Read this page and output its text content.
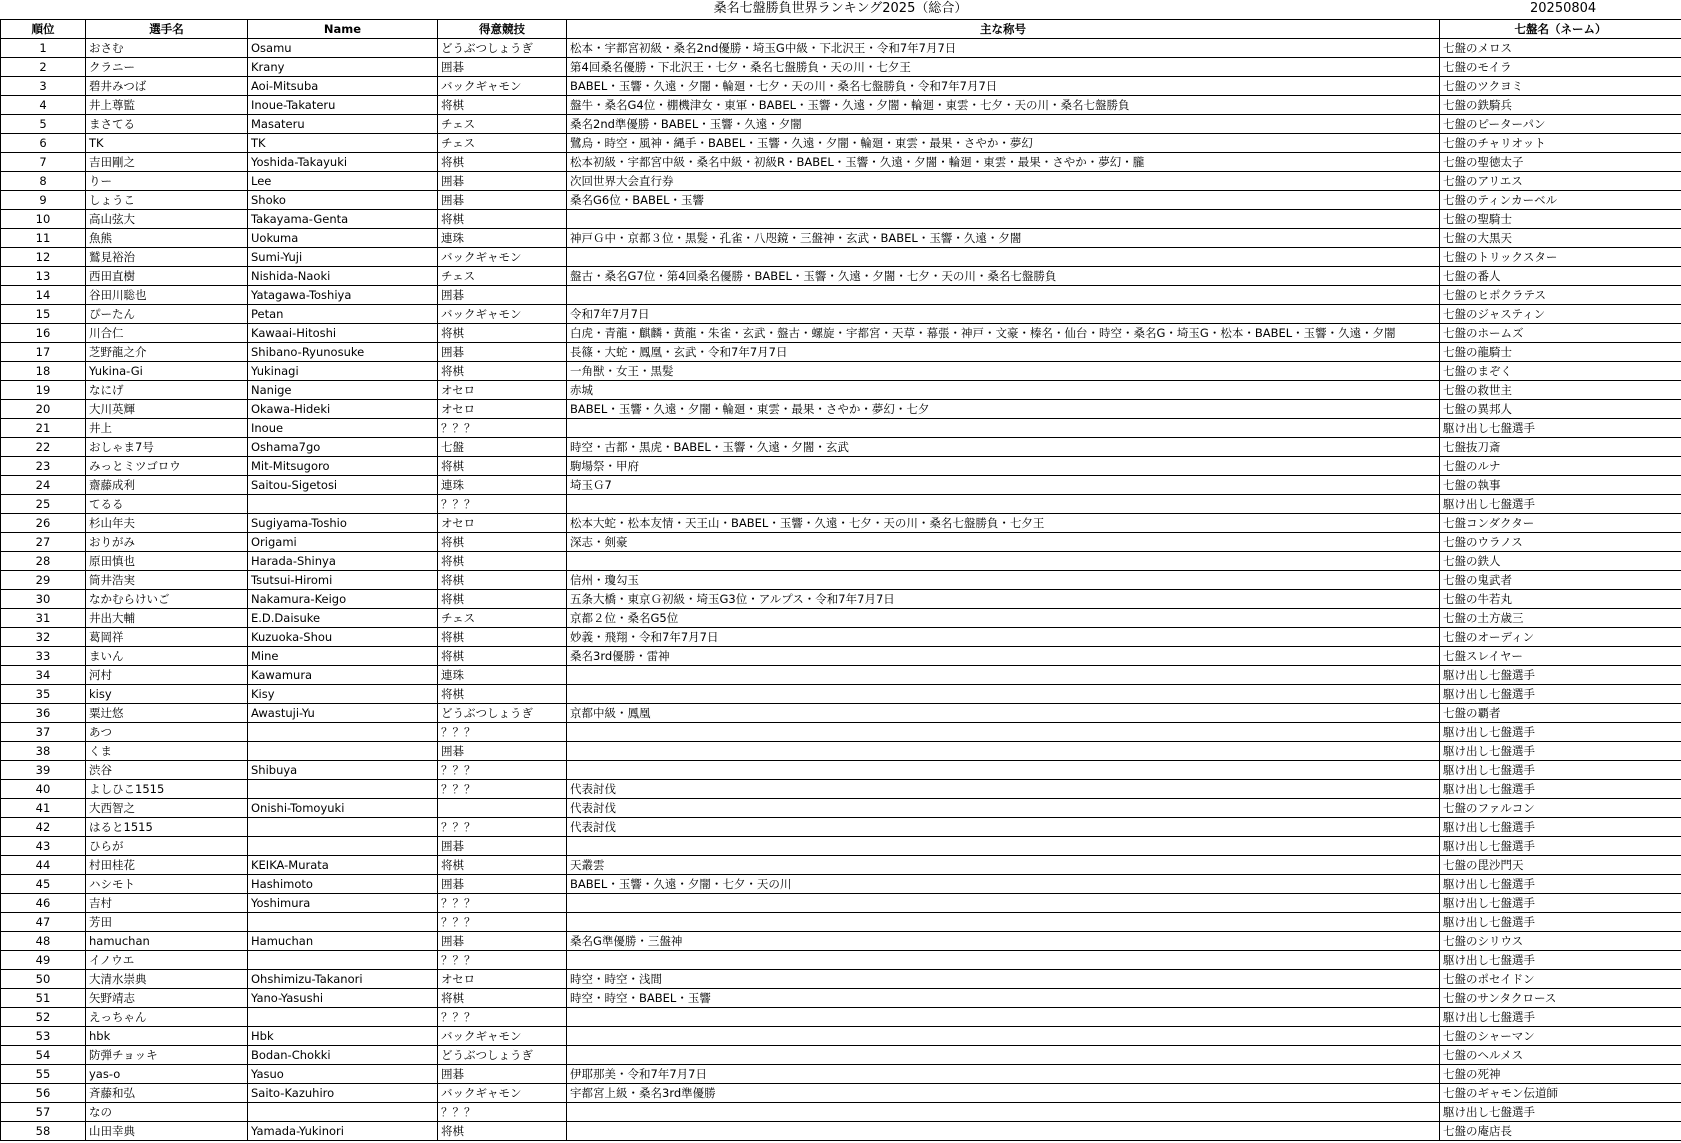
桑名七盤勝負世界ランキング2025（総合）	20250804
順位	選手名	Name	得意競技	主な称号	七盤名（ネーム）
1	おさむ	Osamu	どうぶつしょうぎ	松本・宇都宮初級・桑名2nd優勝・埼玉G中級・下北沢王・令和7年7月7日	七盤のメロス
2	クラニー	Krany	囲碁	第4回桑名優勝・下北沢王・七夕・桑名七盤勝負・天の川・七夕王	七盤のモイラ
3	碧井みつば	Aoi-Mitsuba	バックギャモン	BABEL・玉響・久遠・夕闇・輪廻・七夕・天の川・桑名七盤勝負・令和7年7月7日	七盤のツクヨミ
4	井上尊監	Inoue-Takateru	将棋	盤牛・桑名G4位・棚機津女・東軍・BABEL・玉響・久遠・夕闇・輪廻・東雲・七夕・天の川・桑名七盤勝負	七盤の鉄騎兵
5	まさてる	Masateru	チェス	桑名2nd準優勝・BABEL・玉響・久遠・夕闇	七盤のピーターパン
6	TK	TK	チェス	鷺烏・時空・風神・縄手・BABEL・玉響・久遠・夕闇・輪廻・東雲・最果・さやか・夢幻	七盤のチャリオット
7	吉田剛之	Yoshida-Takayuki	将棋	松本初級・宇都宮中級・桑名中級・初級R・BABEL・玉響・久遠・夕闇・輪廻・東雲・最果・さやか・夢幻・朧	七盤の聖徳太子
8	りー	Lee	囲碁	次回世界大会直行券	七盤のアリエス
9	しょうこ	Shoko	囲碁	桑名G6位・BABEL・玉響	七盤のティンカーベル
10	高山弦大	Takayama-Genta	将棋		七盤の聖騎士
11	魚熊	Uokuma	連珠	神戸Ｇ中・京都３位・黒髪・孔雀・八咫鏡・三盤神・玄武・BABEL・玉響・久遠・夕闇	七盤の大黒天
12	鷲見裕治	Sumi-Yuji	バックギャモン		七盤のトリックスター
13	西田直樹	Nishida-Naoki	チェス	盤古・桑名G7位・第4回桑名優勝・BABEL・玉響・久遠・夕闇・七夕・天の川・桑名七盤勝負	七盤の番人
14	谷田川聡也	Yatagawa-Toshiya	囲碁		七盤のヒポクラテス
15	ぴーたん	Petan	バックギャモン	令和7年7月7日	七盤のジャスティン
16	川合仁	Kawaai-Hitoshi	将棋	白虎・青龍・麒麟・黄龍・朱雀・玄武・盤古・螺旋・宇都宮・天草・幕張・神戸・文豪・榛名・仙台・時空・桑名G・埼玉G・松本・BABEL・玉響・久遠・夕闇	七盤のホームズ
17	芝野龍之介	Shibano-Ryunosuke	囲碁	長篠・大蛇・鳳凰・玄武・令和7年7月7日	七盤の龍騎士
18	Yukina-Gi	Yukinagi	将棋	一角獣・女王・黒髪	七盤のまぞく
19	なにげ	Nanige	オセロ	赤城	七盤の救世主
20	大川英輝	Okawa-Hideki	オセロ	BABEL・玉響・久遠・夕闇・輪廻・東雲・最果・さやか・夢幻・七夕	七盤の異邦人
21	井上	Inoue	？？？		駆け出し七盤選手
22	おしゃま7号	Oshama7go	七盤	時空・古都・黒虎・BABEL・玉響・久遠・夕闇・玄武	七盤抜刀斎
23	みっとミツゴロウ	Mit-Mitsugoro	将棋	駒場祭・甲府	七盤のルナ
24	齋藤成利	Saitou-Sigetosi	連珠	埼玉Ｇ7	七盤の執事
25	てるる		？？？		駆け出し七盤選手
26	杉山年夫	Sugiyama-Toshio	オセロ	松本大蛇・松本友情・天王山・BABEL・玉響・久遠・七夕・天の川・桑名七盤勝負・七夕王	七盤コンダクター
27	おりがみ	Origami	将棋	深志・剣豪	七盤のウラノス
28	原田慎也	Harada-Shinya	将棋		七盤の鉄人
29	筒井浩実	Tsutsui-Hiromi	将棋	信州・瓊勾玉	七盤の鬼武者
30	なかむらけいご	Nakamura-Keigo	将棋	五条大橋・東京Ｇ初級・埼玉G3位・アルプス・令和7年7月7日	七盤の牛若丸
31	井出大輔	E.D.Daisuke	チェス	京都２位・桑名G5位	七盤の土方歳三
32	葛岡祥	Kuzuoka-Shou	将棋	妙義・飛翔・令和7年7月7日	七盤のオーディン
33	まいん	Mine	将棋	桑名3rd優勝・雷神	七盤スレイヤー
34	河村	Kawamura	連珠		駆け出し七盤選手
35	kisy	Kisy	将棋		駆け出し七盤選手
36	粟辻悠	Awastuji-Yu	どうぶつしょうぎ	京都中級・鳳凰	七盤の覇者
37	あつ		？？？		駆け出し七盤選手
38	くま		囲碁		駆け出し七盤選手
39	渋谷	Shibuya	？？？		駆け出し七盤選手
40	よしひこ1515		？？？	代表討伐	駆け出し七盤選手
41	大西智之	Onishi-Tomoyuki		代表討伐	七盤のファルコン
42	はると1515		？？？	代表討伐	駆け出し七盤選手
43	ひらが		囲碁		駆け出し七盤選手
44	村田桂花	KEIKA-Murata	将棋	天叢雲	七盤の毘沙門天
45	ハシモト	Hashimoto	囲碁	BABEL・玉響・久遠・夕闇・七夕・天の川	駆け出し七盤選手
46	吉村	Yoshimura	？？？		駆け出し七盤選手
47	芳田		？？？		駆け出し七盤選手
48	hamuchan	Hamuchan	囲碁	桑名G準優勝・三盤神	七盤のシリウス
49	イノウエ		？？？		駆け出し七盤選手
50	大清水崇典	Ohshimizu-Takanori	オセロ	時空・時空・浅間	七盤のポセイドン
51	矢野靖志	Yano-Yasushi	将棋	時空・時空・BABEL・玉響	七盤のサンタクロース
52	えっちゃん		？？？		駆け出し七盤選手
53	hbk	Hbk	バックギャモン		七盤のシャーマン
54	防弾チョッキ	Bodan-Chokki	どうぶつしょうぎ		七盤のヘルメス
55	yas-o	Yasuo	囲碁	伊耶那美・令和7年7月7日	七盤の死神
56	斉藤和弘	Saito-Kazuhiro	バックギャモン	宇都宮上級・桑名3rd準優勝	七盤のギャモン伝道師
57	なの		？？？		駆け出し七盤選手
58	山田幸典	Yamada-Yukinori	将棋		七盤の庵店長
